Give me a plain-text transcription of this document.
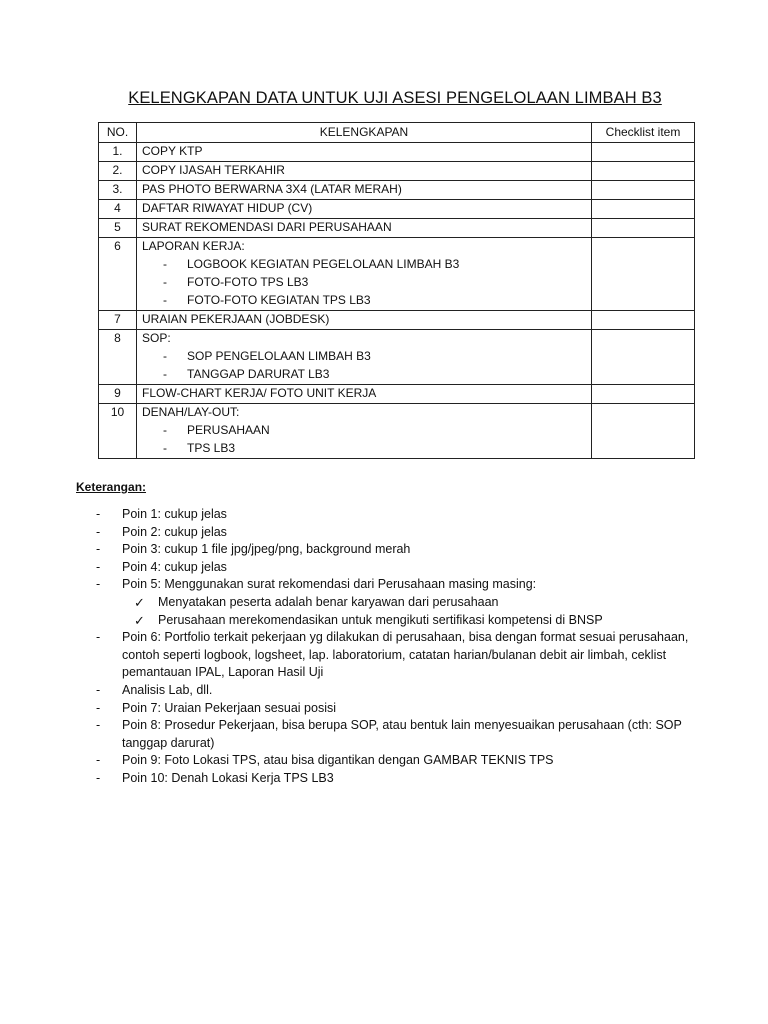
KELENGKAPAN DATA UNTUK UJI ASESI PENGELOLAAN LIMBAH B3
NO.	KELENGKAPAN	Checklist item

1.	COPY KTP	

2.	COPY IJASAH TERKAHIR	

3.	PAS PHOTO BERWARNA 3X4 (LATAR MERAH)	

4	DAFTAR RIWAYAT HIDUP (CV)	

5	SURAT REKOMENDASI DARI PERUSAHAAN	

6	LAPORAN KERJA:
- LOGBOOK KEGIATAN PEGELOLAAN LIMBAH B3
- FOTO-FOTO TPS LB3
- FOTO-FOTO KEGIATAN TPS LB3	

7	URAIAN PEKERJAAN (JOBDESK)	

8	SOP:
- SOP PENGELOLAAN LIMBAH B3
- TANGGAP DARURAT LB3	

9	FLOW-CHART KERJA/ FOTO UNIT KERJA	

10	DENAH/LAY-OUT:
- PERUSAHAAN
- TPS LB3	

Keterangan:
-	Poin 1: cukup jelas
-	Poin 2: cukup jelas
-	Poin 3: cukup 1 file jpg/jpeg/png, background merah
-	Poin 4: cukup jelas
-	Poin 5: Menggunakan surat rekomendasi dari Perusahaan masing masing:
✓	Menyatakan peserta adalah benar karyawan dari perusahaan
✓	Perusahaan merekomendasikan untuk mengikuti sertifikasi kompetensi di BNSP
-	Poin 6: Portfolio terkait pekerjaan yg dilakukan di perusahaan, bisa dengan format sesuai perusahaan, contoh seperti logbook, logsheet, lap. laboratorium, catatan harian/bulanan debit air limbah, ceklist pemantauan IPAL, Laporan Hasil Uji
-	Analisis Lab, dll.
-	Poin 7: Uraian Pekerjaan sesuai posisi
-	Poin 8: Prosedur Pekerjaan, bisa berupa SOP, atau bentuk lain menyesuaikan perusahaan (cth: SOP tanggap darurat)
-	Poin 9: Foto Lokasi TPS, atau bisa digantikan dengan GAMBAR TEKNIS TPS
-	Poin 10: Denah Lokasi Kerja TPS LB3
